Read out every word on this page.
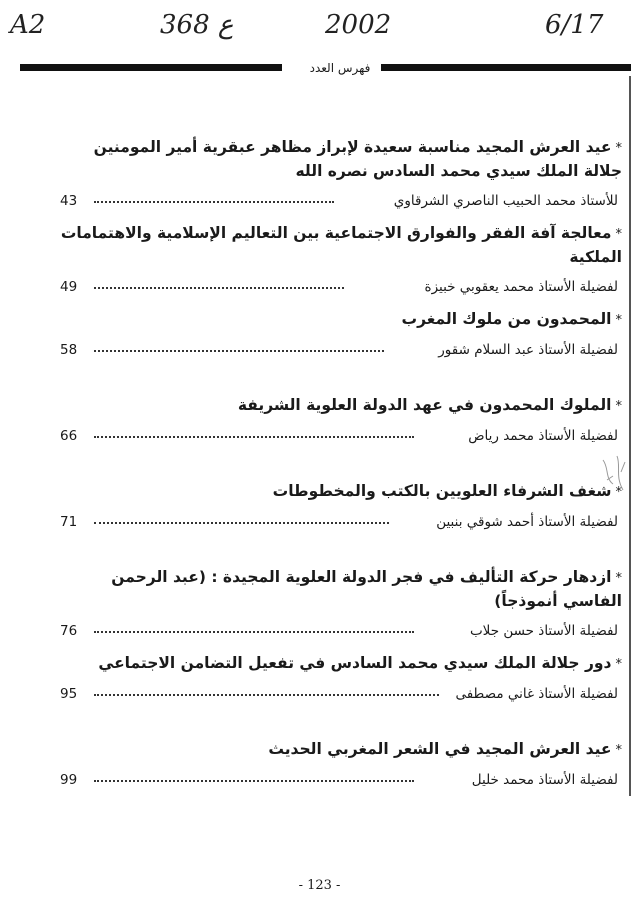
A2	368 ع	2002	6/17
فهرس العدد
*عيد العرش المجيد مناسبة سعيدة لإبراز مظاهر عبقرية أمير المومنين جلالة الملك سيدي محمد السادس نصره الله
للأستاذ محمد الحبيب الناصري الشرقاوي
43
*معالجة آفة الفقر والفوارق الاجتماعية بين التعاليم الإسلامية والاهتمامات الملكية
لفضيلة الأستاذ محمد يعقوبي خبيزة
49
*المحمدون من ملوك المغرب
لفضيلة الأستاذ عبد السلام شقور
58
*الملوك المحمدون في عهد الدولة العلوية الشريفة
لفضيلة الأستاذ محمد رياض
66
*شغف الشرفاء العلويين بالكتب والمخطوطات
لفضيلة الأستاذ أحمد شوقي بنبين
71
*ازدهار حركة التأليف في فجر الدولة العلوية المجيدة : (عبد الرحمن الفاسي أنموذجاً)
لفضيلة الأستاذ حسن جلاب
76
*دور جلالة الملك سيدي محمد السادس في تفعيل التضامن الاجتماعي
لفضيلة الأستاذ غاني مصطفى
95
*عيد العرش المجيد في الشعر المغربي الحديث
لفضيلة الأستاذ محمد خليل
99
- 123 -
